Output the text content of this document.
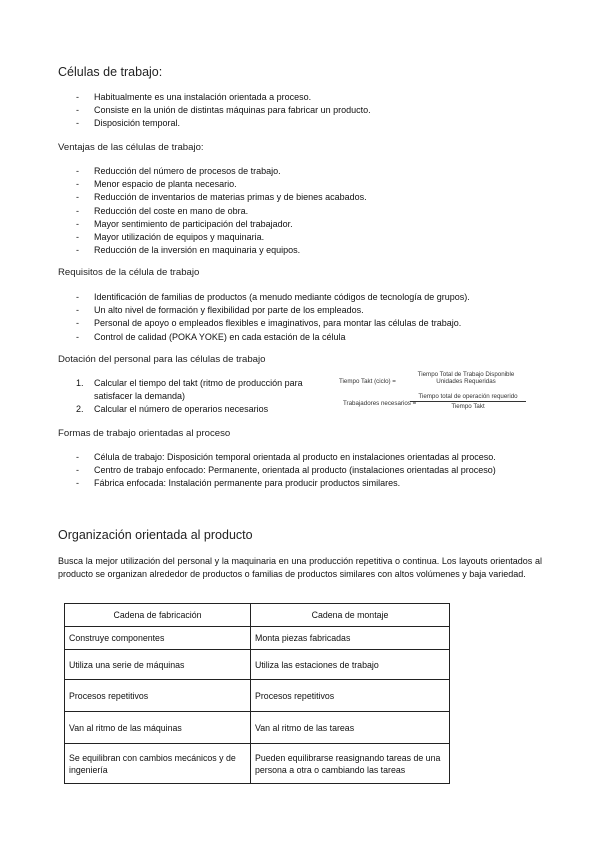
Células de trabajo:
- Habitualmente es una instalación orientada a proceso.
- Consiste en la unión de distintas máquinas para fabricar un producto.
- Disposición temporal.
Ventajas de las células de trabajo:
- Reducción del número de procesos de trabajo.
- Menor espacio de planta necesario.
- Reducción de inventarios de materias primas y de bienes acabados.
- Reducción del coste en mano de obra.
- Mayor sentimiento de participación del trabajador.
- Mayor utilización de equipos y maquinaria.
- Reducción de la inversión en maquinaria y equipos.
Requisitos de la célula de trabajo
- Identificación de familias de productos (a menudo mediante códigos de tecnología de grupos).
- Un alto nivel de formación y flexibilidad por parte de los empleados.
- Personal de apoyo o empleados flexibles e imaginativos, para montar las células de trabajo.
- Control de calidad (POKA YOKE) en cada estación de la célula
Dotación del personal para las células de trabajo
1. Calcular el tiempo del takt (ritmo de producción para satisfacer la demanda)
2. Calcular el número de operarios necesarios
Tiempo Takt (ciclo) =
Tiempo Total de Trabajo Disponible
Unidades Requeridas
Trabajadores necesarios =
Tiempo total de operación requerido
Tiempo Takt
Formas de trabajo orientadas al proceso
- Célula de trabajo: Disposición temporal orientada al producto en instalaciones orientadas al proceso.
- Centro de trabajo enfocado: Permanente, orientada al producto (instalaciones orientadas al proceso)
- Fábrica enfocada: Instalación permanente para producir productos similares.
Organización orientada al producto
Busca la mejor utilización del personal y la maquinaria en una producción repetitiva o continua. Los layouts orientados al producto se organizan alrededor de productos o familias de productos similares con altos volúmenes y baja variedad.
Cadena de fabricación	Cadena de montaje
Construye componentes	Monta piezas fabricadas
Utiliza una serie de máquinas	Utiliza las estaciones de trabajo
Procesos repetitivos	Procesos repetitivos
Van al ritmo de las máquinas	Van al ritmo de las tareas
Se equilibran con cambios mecánicos y de ingeniería	Pueden equilibrarse reasignando tareas de una persona a otra o cambiando las tareas
